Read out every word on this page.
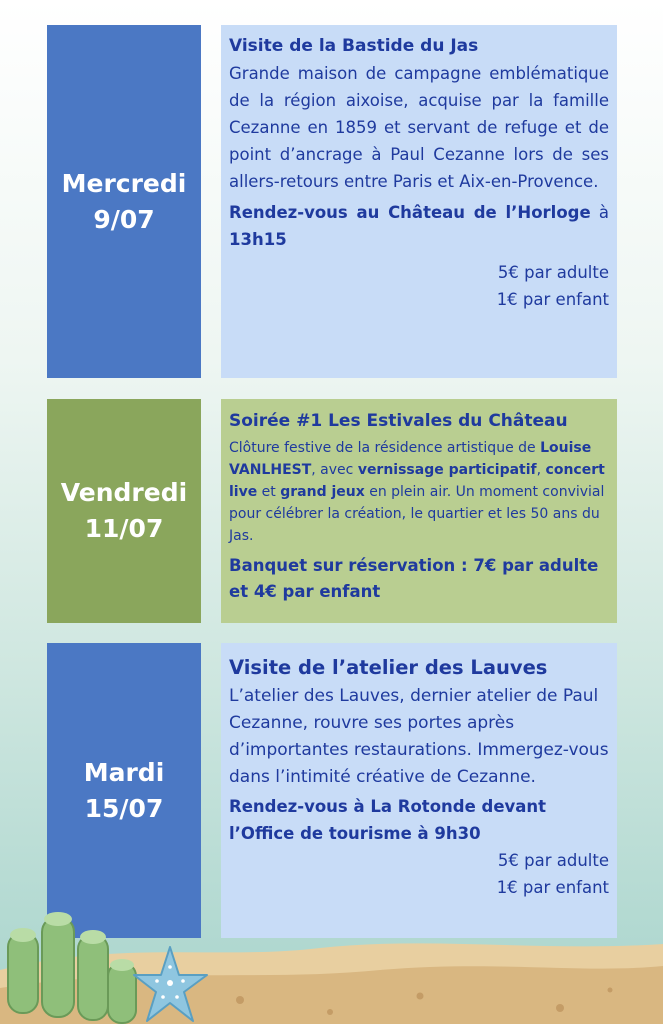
Mercredi
9/07
Visite de la Bastide du Jas
Grande maison de campagne emblématique de la région aixoise, acquise par la famille Cezanne en 1859 et servant de refuge et de point d’ancrage à Paul Cezanne lors de ses allers-retours entre Paris et Aix-en-Provence.
Rendez-vous au Château de l’Horloge à 13h15
5€ par adulte
1€ par enfant
Vendredi
11/07
Soirée #1 Les Estivales du Château
Clôture festive de la résidence artistique de Louise VANLHEST, avec vernissage participatif, concert live et grand jeux en plein air. Un moment convivial pour célébrer la création, le quartier et les 50 ans du Jas.
Banquet sur réservation : 7€ par adulte et 4€ par enfant
Mardi
15/07
Visite de l’atelier des Lauves
L’atelier des Lauves, dernier atelier de Paul Cezanne, rouvre ses portes après d’importantes restaurations. Immergez-vous dans l’intimité créative de Cezanne.
Rendez-vous à La Rotonde devant l’Office de tourisme à 9h30
5€ par adulte
1€ par enfant
